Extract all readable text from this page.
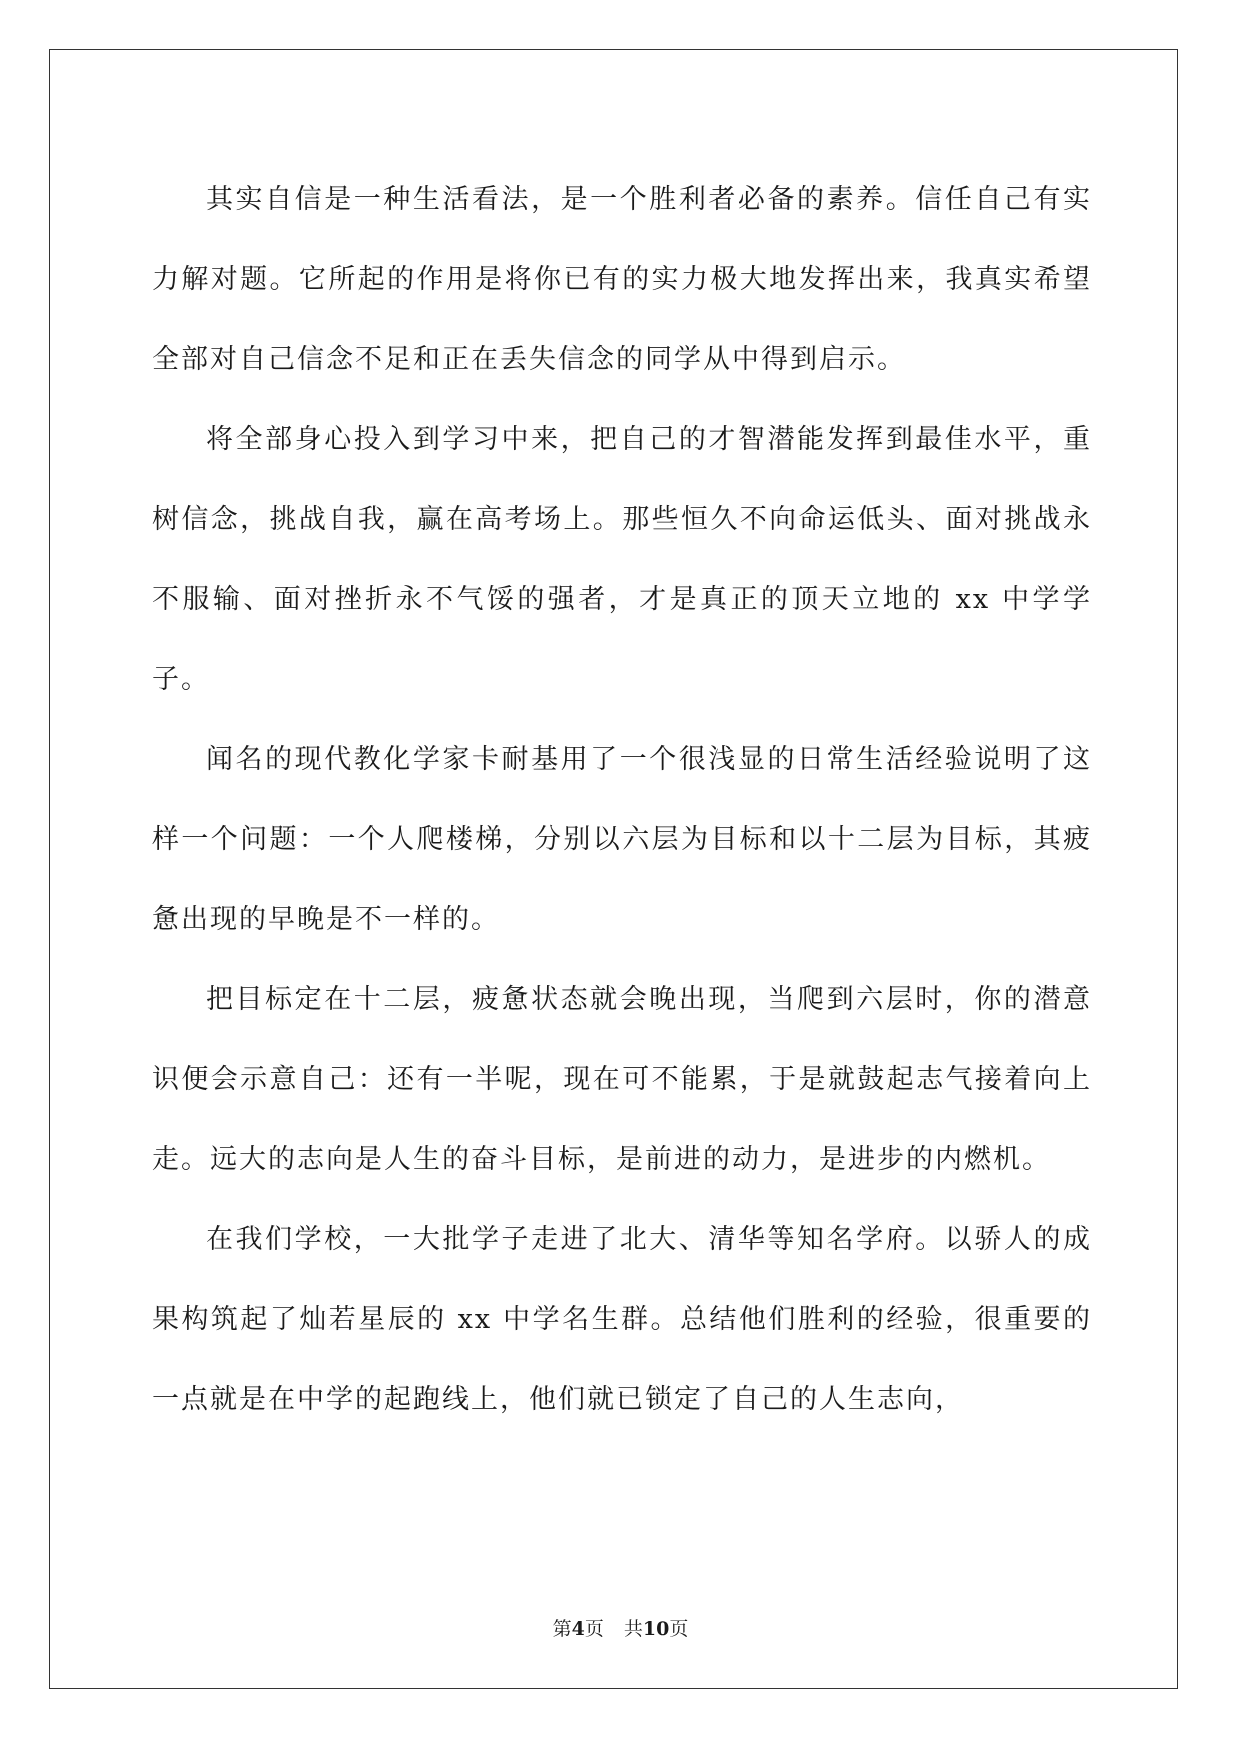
其实自信是一种生活看法，是一个胜利者必备的素养。信任自己有实力解对题。它所起的作用是将你已有的实力极大地发挥出来，我真实希望全部对自己信念不足和正在丢失信念的同学从中得到启示。

将全部身心投入到学习中来，把自己的才智潜能发挥到最佳水平，重树信念，挑战自我，赢在高考场上。那些恒久不向命运低头、面对挑战永不服输、面对挫折永不气馁的强者，才是真正的顶天立地的 xx 中学学子。

闻名的现代教化学家卡耐基用了一个很浅显的日常生活经验说明了这样一个问题：一个人爬楼梯，分别以六层为目标和以十二层为目标，其疲惫出现的早晚是不一样的。

把目标定在十二层，疲惫状态就会晚出现，当爬到六层时，你的潜意识便会示意自己：还有一半呢，现在可不能累，于是就鼓起志气接着向上走。远大的志向是人生的奋斗目标，是前进的动力，是进步的内燃机。

在我们学校，一大批学子走进了北大、清华等知名学府。以骄人的成果构筑起了灿若星辰的 xx 中学名生群。总结他们胜利的经验，很重要的一点就是在中学的起跑线上，他们就已锁定了自己的人生志向，

第4页 共10页
